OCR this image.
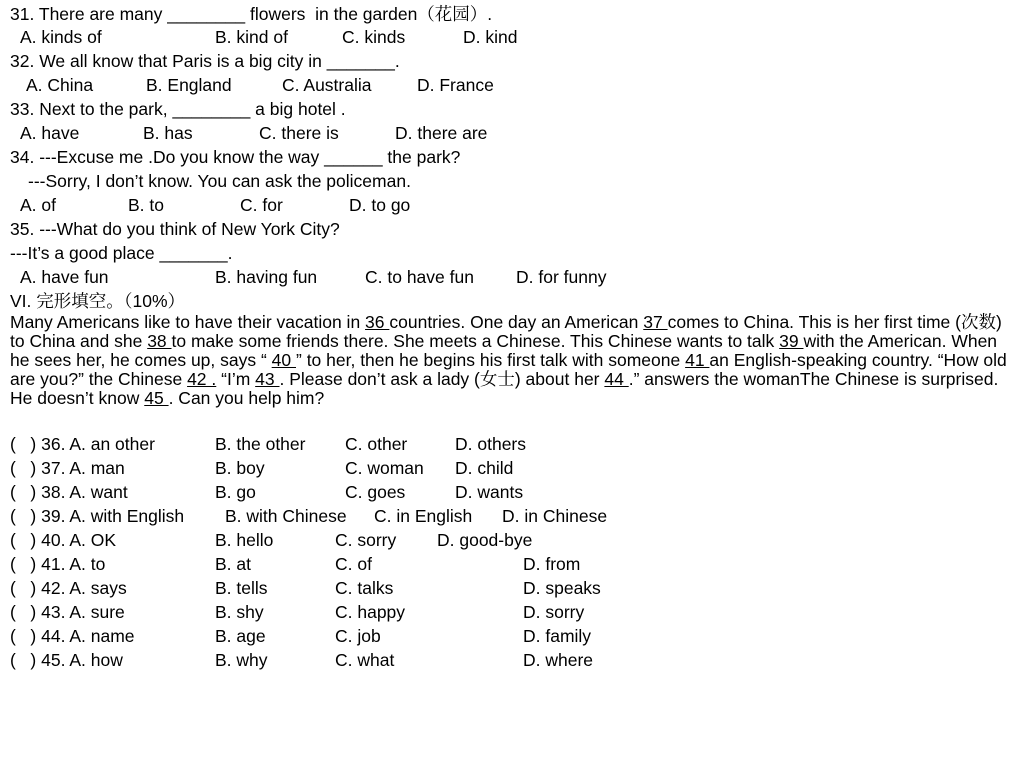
31. There are many ________ flowers  in the garden（花园）.

A. kinds of

	B. kind of

	C. kinds

	D. kind

32. We all know that Paris is a big city in _______.

A. China

	B. England

	C. Australia

	D. France

33. Next to the park, ________ a big hotel .

A. have

	B. has

	C. there is

	D. there are

34. ---Excuse me .Do you know the way ______ the park?
---Sorry, I don’t know. You can ask the policeman.

A. of

	B. to

	C. for

	D. to go

35. ---What do you think of New York City?
---It’s a good place _______.

A. have fun

	B. having fun

	C. to have fun

D. for funny

VI. 完形填空。（10%）
Many Americans like to have their vacation in 36 countries. One day an American 37 comes to China. This is her first time (次数) to China and she 38 to make some friends there. She meets a Chinese. This Chinese wants to talk 39 with the American. When he sees her, he comes up, says “ 40 ” to her, then he begins his first talk with someone 41 an English-speaking country. “How old are you?” the Chinese 42 . “I’m 43 . Please don’t ask a lady (女士) about her 44 .” answers the womanThe Chinese is surprised. He doesn’t know 45 . Can you help him?
(   ) 36. A. an other	B. the other C. other	D. others
(   ) 37. A. man	B. boy	C. woman D. child
(   ) 38. A. want	B. go	C. goes	D. wants
(   ) 39. A. with English B. with Chinese C. in English D. in Chinese
(   ) 40. A. OK	B. hello	C. sorry D. good-bye
(   ) 41. A. to	B. at	C. of	D. from
(   ) 42. A. says	B. tells	C. talks	D. speaks
(   ) 43. A. sure	B. shy	C. happy	D. sorry
(   ) 44. A. name	B. age	C. job	D. family
(   ) 45. A. how	B. why	C. what	D. where
